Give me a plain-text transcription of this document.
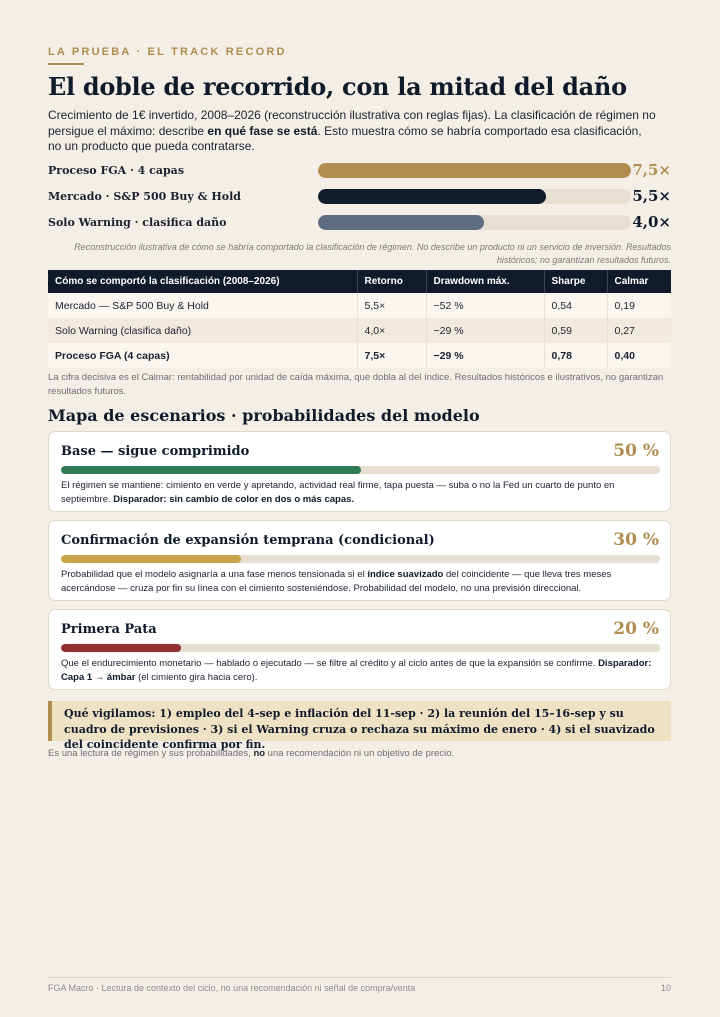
LA PRUEBA · EL TRACK RECORD
El doble de recorrido, con la mitad del daño
Crecimiento de 1€ invertido, 2008–2026 (reconstrucción ilustrativa con reglas fijas). La clasificación de régimen no persigue el máximo: describe en qué fase se está. Esto muestra cómo se habría comportado esa clasificación, no un producto que pueda contratarse.
Proceso FGA · 4 capas	7,5×
Mercado · S&P 500 Buy & Hold	5,5×
Solo Warning · clasifica daño	4,0×
Reconstrucción ilustrativa de cómo se habría comportado la clasificación de régimen. No describe un producto ni un servicio de inversión. Resultados
históricos; no garantizan resultados futuros.
Cómo se comportó la clasificación (2008–2026)	Retorno	Drawdown máx.	Sharpe	Calmar
Mercado — S&P 500 Buy & Hold	5,5×	−52 %	0,54	0,19
Solo Warning (clasifica daño)	4,0×	−29 %	0,59	0,27
Proceso FGA (4 capas)	7,5×	−29 %	0,78	0,40
La cifra decisiva es el Calmar: rentabilidad por unidad de caída máxima, que dobla al del índice. Resultados históricos e ilustrativos, no garantizan resultados futuros.
Mapa de escenarios · probabilidades del modelo
Base — sigue comprimido	50 %
El régimen se mantiene: cimiento en verde y apretando, actividad real firme, tapa puesta — suba o no la Fed un cuarto de punto en septiembre. Disparador: sin cambio de color en dos o más capas.
Confirmación de expansión temprana (condicional)	30 %
Probabilidad que el modelo asignaría a una fase menos tensionada si el índice suavizado del coincidente — que lleva tres meses acercándose — cruza por fin su línea con el cimiento sosteniéndose. Probabilidad del modelo, no una previsión direccional.
Primera Pata	20 %
Que el endurecimiento monetario — hablado o ejecutado — se filtre al crédito y al ciclo antes de que la expansión se confirme. Disparador: Capa 1 → ámbar (el cimiento gira hacia cero).
Qué vigilamos: 1) empleo del 4-sep e inflación del 11-sep · 2) la reunión del 15–16-sep y su cuadro de previsiones · 3) si el Warning cruza o rechaza su máximo de enero · 4) si el suavizado del coincidente confirma por fin.
Es una lectura de régimen y sus probabilidades, no una recomendación ni un objetivo de precio.
FGA Macro · Lectura de contexto del ciclo, no una recomendación ni señal de compra/venta	10
